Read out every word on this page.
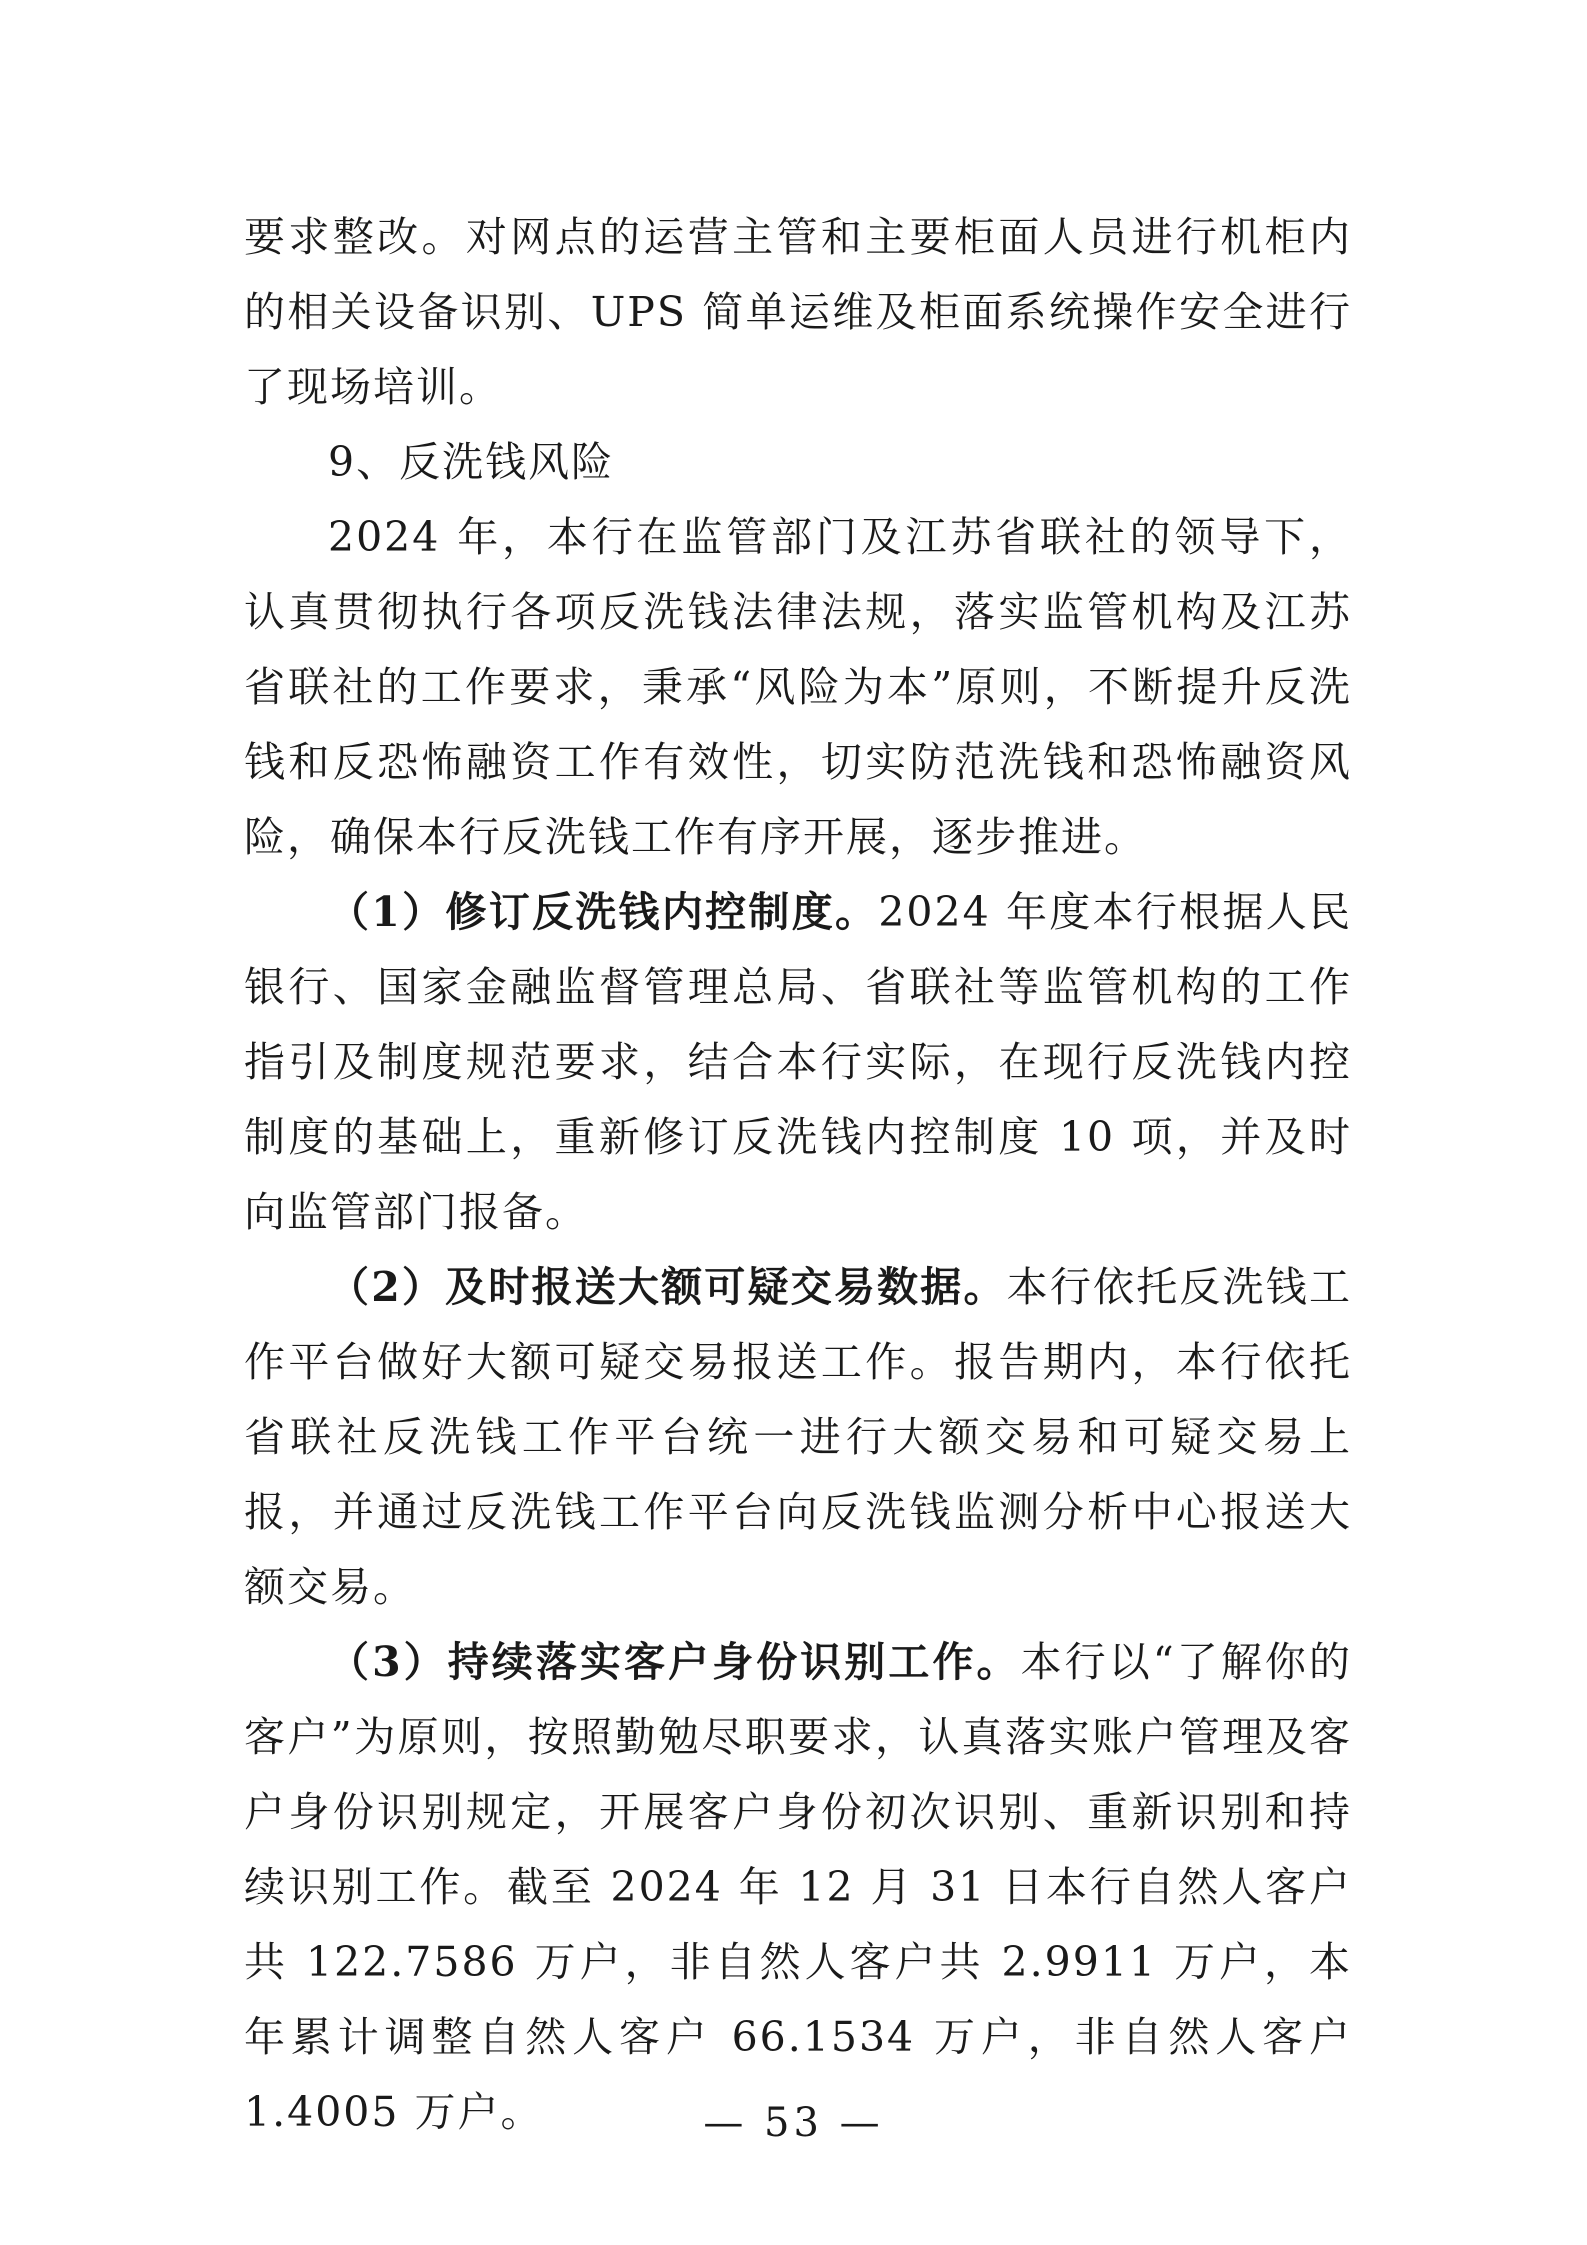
要求整改。对网点的运营主管和主要柜面人员进行机柜内的相关设备识别、UPS 简单运维及柜面系统操作安全进行了现场培训。

9、反洗钱风险

2024 年，本行在监管部门及江苏省联社的领导下，认真贯彻执行各项反洗钱法律法规，落实监管机构及江苏省联社的工作要求，秉承“风险为本”原则，不断提升反洗钱和反恐怖融资工作有效性，切实防范洗钱和恐怖融资风险，确保本行反洗钱工作有序开展，逐步推进。

（1）修订反洗钱内控制度。2024 年度本行根据人民银行、国家金融监督管理总局、省联社等监管机构的工作指引及制度规范要求，结合本行实际，在现行反洗钱内控制度的基础上，重新修订反洗钱内控制度 10 项，并及时向监管部门报备。

（2）及时报送大额可疑交易数据。本行依托反洗钱工作平台做好大额可疑交易报送工作。报告期内，本行依托省联社反洗钱工作平台统一进行大额交易和可疑交易上报，并通过反洗钱工作平台向反洗钱监测分析中心报送大额交易。

（3）持续落实客户身份识别工作。本行以“了解你的客户”为原则，按照勤勉尽职要求，认真落实账户管理及客户身份识别规定，开展客户身份初次识别、重新识别和持续识别工作。截至 2024 年 12 月 31 日本行自然人客户共 122.7586 万户，非自然人客户共 2.9911 万户，本年累计调整自然人客户 66.1534 万户，非自然人客户 1.4005 万户。	— 53 —
